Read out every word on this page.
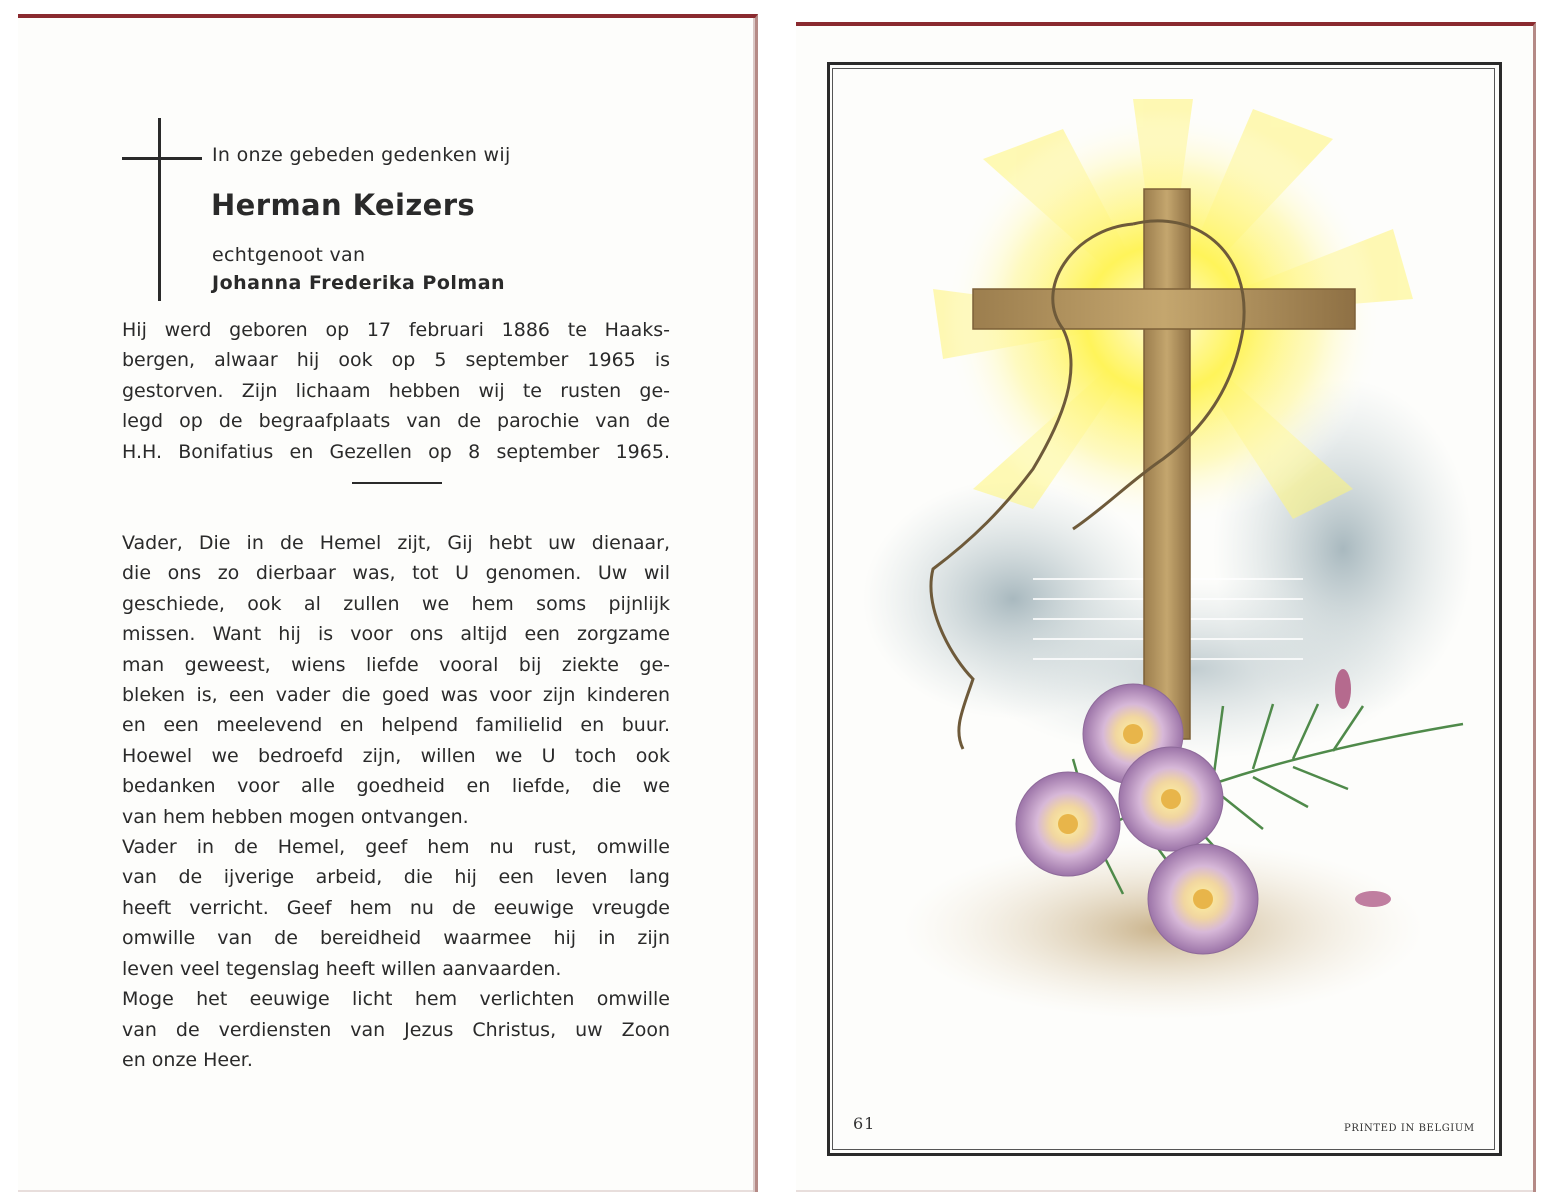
In onze gebeden gedenken wij
Herman Keizers
echtgenoot van
Johanna Frederika Polman
Hij werd geboren op 17 februari 1886 te Haaks-
bergen, alwaar hij ook op 5 september 1965 is
gestorven. Zijn lichaam hebben wij te rusten ge-
legd op de begraafplaats van de parochie van de
H.H. Bonifatius en Gezellen op 8 september 1965.
Vader, Die in de Hemel zijt, Gij hebt uw dienaar,
die ons zo dierbaar was, tot U genomen. Uw wil
geschiede, ook al zullen we hem soms pijnlijk
missen. Want hij is voor ons altijd een zorgzame
man geweest, wiens liefde vooral bij ziekte ge-
bleken is, een vader die goed was voor zijn kinderen
en een meelevend en helpend familielid en buur.
Hoewel we bedroefd zijn, willen we U toch ook
bedanken voor alle goedheid en liefde, die we
van hem hebben mogen ontvangen.
Vader in de Hemel, geef hem nu rust, omwille
van de ijverige arbeid, die hij een leven lang
heeft verricht. Geef hem nu de eeuwige vreugde
omwille van de bereidheid waarmee hij in zijn
leven veel tegenslag heeft willen aanvaarden.
Moge het eeuwige licht hem verlichten omwille
van de verdiensten van Jezus Christus, uw Zoon
en onze Heer.
61	PRINTED IN BELGIUM
